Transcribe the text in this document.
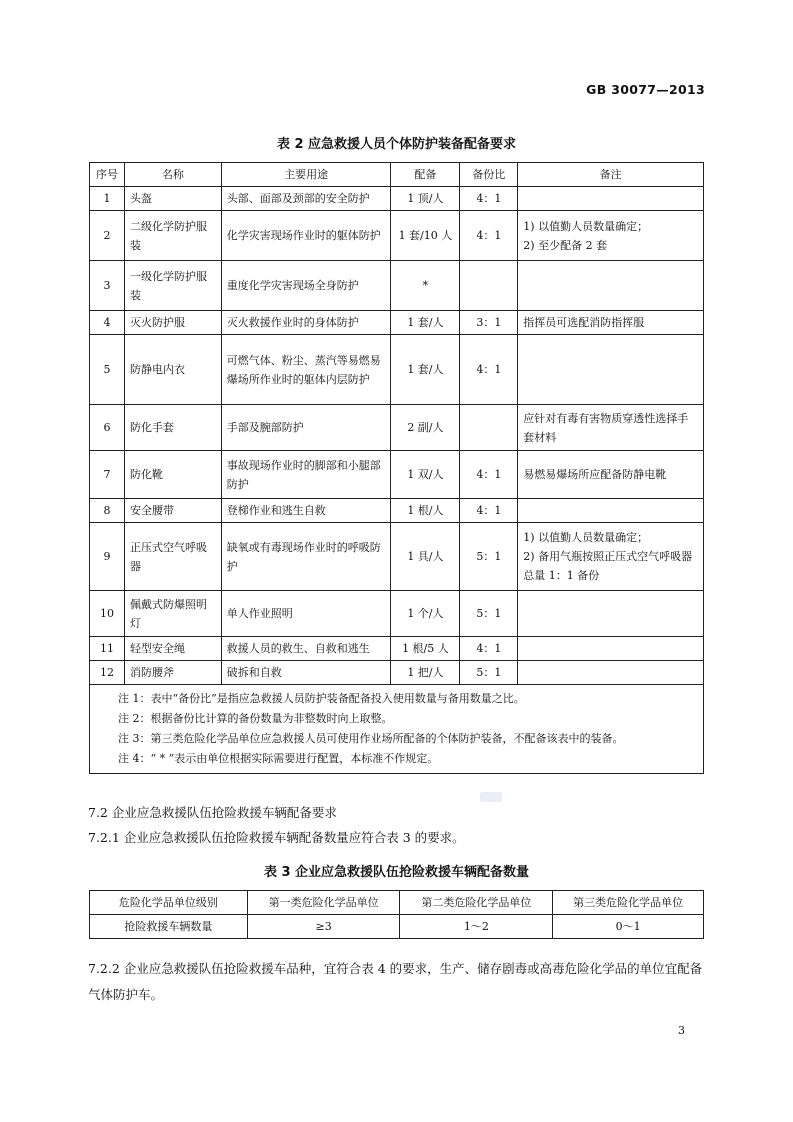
GB 30077—2013
表 2 应急救援人员个体防护装备配备要求
序号	名称	主要用途	配备	备份比	备注
1	头盔	头部、面部及颈部的安全防护	1 顶/人	4：1	
2	二级化学防护服装	化学灾害现场作业时的躯体防护	1 套/10 人	4：1	1) 以值勤人员数量确定；
2) 至少配备 2 套

3	一级化学防护服装	重度化学灾害现场全身防护	*		
4	灭火防护服	灭火救援作业时的身体防护	1 套/人	3：1	指挥员可选配消防指挥服

5	防静电内衣	可燃气体、粉尘、蒸汽等易燃易爆场所作业时的躯体内层防护	1 套/人	4：1	
6	防化手套	手部及腕部防护	2 副/人		应针对有毒有害物质穿透性选择手套材料

7	防化靴	事故现场作业时的脚部和小腿部防护	1 双/人	4：1	易燃易爆场所应配备防静电靴

8	安全腰带	登梯作业和逃生自救	1 根/人	4：1	
9	正压式空气呼吸器	缺氧或有毒现场作业时的呼吸防护	1 具/人	5：1	1) 以值勤人员数量确定；
2) 备用气瓶按照正压式空气呼吸器总量 1：1 备份

10	佩戴式防爆照明灯	单人作业照明	1 个/人	5：1	
11	轻型安全绳	救援人员的救生、自救和逃生	1 根/5 人	4：1	
12	消防腰斧	破拆和自救	1 把/人	5：1	

注 1：表中“备份比”是指应急救援人员防护装备配备投入使用数量与备用数量之比。
注 2：根据备份比计算的备份数量为非整数时向上取整。
注 3：第三类危险化学品单位应急救援人员可使用作业场所配备的个体防护装备，不配备该表中的装备。
注 4：“ * ”表示由单位根据实际需要进行配置，本标准不作规定。					
7.2 企业应急救援队伍抢险救援车辆配备要求
7.2.1 企业应急救援队伍抢险救援车辆配备数量应符合表 3 的要求。
表 3 企业应急救援队伍抢险救援车辆配备数量
危险化学品单位级别	第一类危险化学品单位	第二类危险化学品单位	第三类危险化学品单位
抢险救援车辆数量	≥3	1～2	0～1
7.2.2 企业应急救援队伍抢险救援车品种，宜符合表 4 的要求，生产、储存剧毒或高毒危险化学品的单位宜配备气体防护车。
3
